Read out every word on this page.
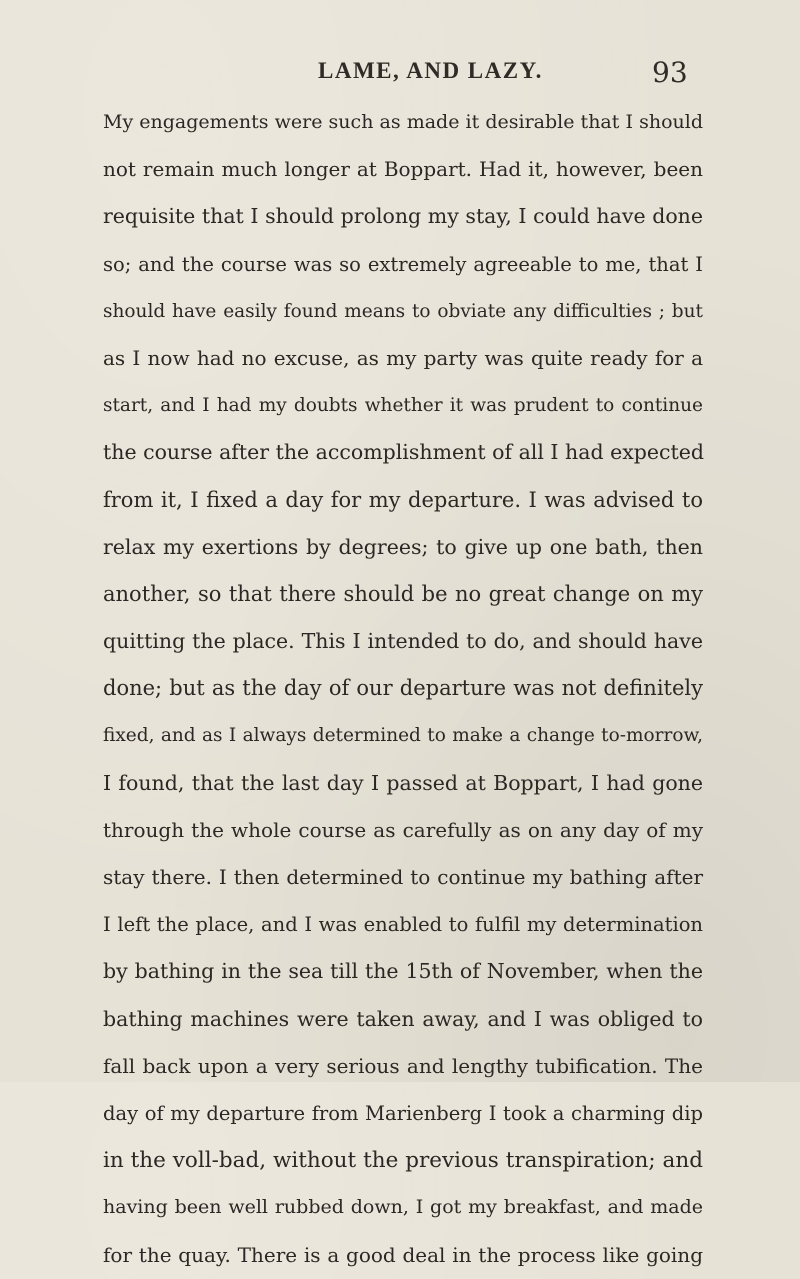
LAME, AND LAZY.	93
My engagements were such as made it desirable that I should
not remain much longer at Boppart. Had it, however, been
requisite that I should prolong my stay, I could have done
so; and the course was so extremely agreeable to me, that I
should have easily found means to obviate any difficulties ; but
as I now had no excuse, as my party was quite ready for a
start, and I had my doubts whether it was prudent to continue
the course after the accomplishment of all I had expected
from it, I fixed a day for my departure. I was advised to
relax my exertions by degrees; to give up one bath, then
another, so that there should be no great change on my
quitting the place. This I intended to do, and should have
done; but as the day of our departure was not definitely
fixed, and as I always determined to make a change to-morrow,
I found, that the last day I passed at Boppart, I had gone
through the whole course as carefully as on any day of my
stay there. I then determined to continue my bathing after
I left the place, and I was enabled to fulfil my determination
by bathing in the sea till the 15th of November, when the
bathing machines were taken away, and I was obliged to
fall back upon a very serious and lengthy tubification. The
day of my departure from Marienberg I took a charming dip
in the voll-bad, without the previous transpiration; and
having been well rubbed down, I got my breakfast, and made
for the quay. There is a good deal in the process like going
